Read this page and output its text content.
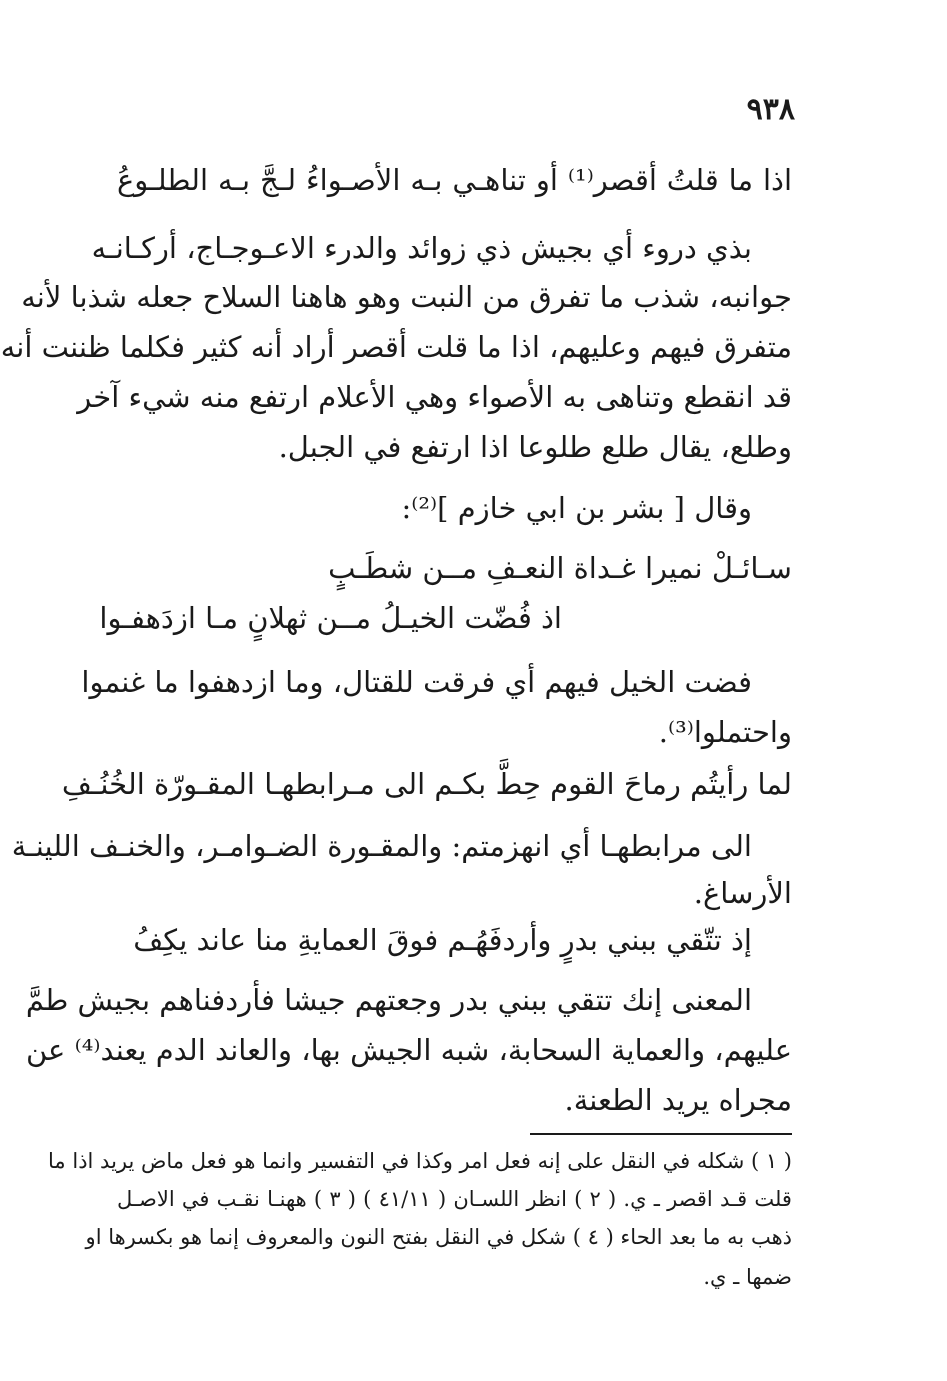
٩٣٨
اذا ما قلتُ أقصر⁽¹⁾ أو تناهـي بـه الأصـواءُ لـجَّ بـه الطلـوعُ
بذي دروء أي بجيش ذي زوائد والدرء الاعـوجـاج، أركـانـه
جوانبه، شذب ما تفرق من النبت وهو هاهنا السلاح جعله شذبا لأنه
متفرق فيهم وعليهم، اذا ما قلت أقصر أراد أنه كثير فكلما ظننت أنه
قد انقطع وتناهى به الأصواء وهي الأعلام ارتفع منه شيء آخر
وطلع، يقال طلع طلوعا اذا ارتفع في الجبل.
وقال [ بشر بن ابي خازم ]⁽²⁾:
سـائـلْ نميرا غـداة النعـفِ مــن شطَـبٍ
اذ فُضّت الخيـلُ مــن ثهلانٍ مـا ازدَهفـوا
فضت الخيل فيهم أي فرقت للقتال، وما ازدهفوا ما غنموا
واحتملوا⁽³⁾.
لما رأيتُم رماحَ القوم حِطَّ بكـم الى مـرابطهـا المقـورّة الخُنُـفِ
الى مرابطهـا أي انهزمتم: والمقـورة الضـوامـر، والخنـف اللينـة
الأرساغ.
إذ تتّقي ببني بدرٍ وأردفَهُـم فوقَ العمايةِ منا عاند يكِفُ
المعنى إنك تتقي ببني بدر وجعتهم جيشا فأردفناهم بجيش طمَّ
عليهم، والعماية السحابة، شبه الجيش بها، والعاند الدم يعند⁽⁴⁾ عن
مجراه يريد الطعنة.
( ١ ) شكله في النقل على إنه فعل امر وكذا في التفسير وانما هو فعل ماض يريد اذا ما
قلت قـد اقصر ـ ي. ( ٢ ) انظر اللسـان ( ٤١/١١ ) ( ٣ ) ههنـا نقـب في الاصـل
ذهب به ما بعد الحاء ( ٤ ) شكل في النقل بفتح النون والمعروف إنما هو بكسرها او
ضمها ـ ي.
